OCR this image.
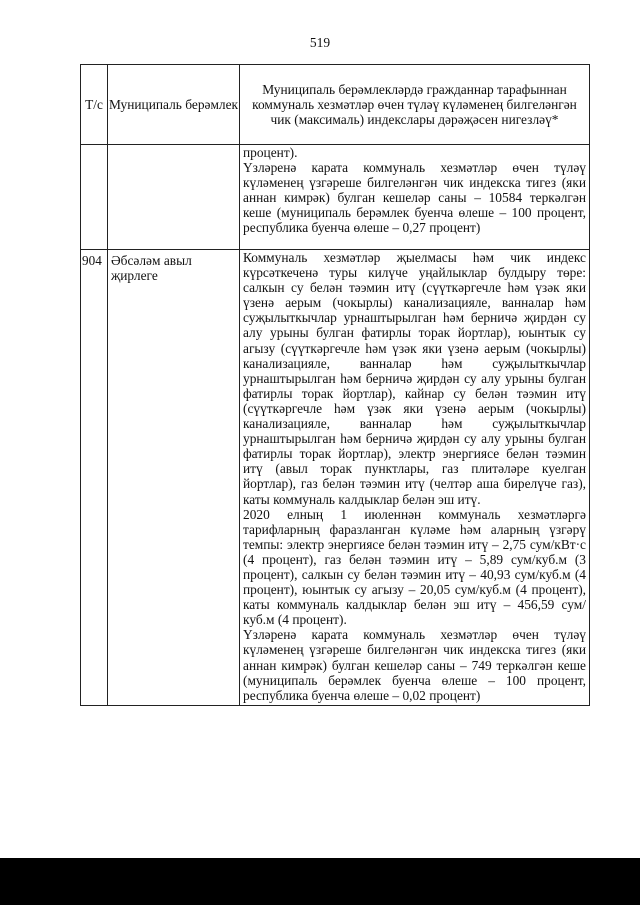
519
Т/с	Муниципаль берәмлек	Муниципаль берәмлекләрдә гражданнар тарафыннан коммуналь хезмәтләр өчен түләү күләменең билгеләнгән чик (максималь) индекслары дәрәҗәсен нигезләү*

		процент).

Үзләренә карата коммуналь хезмәтләр өчен түләү күләменең үзгәреше билгеләнгән чик индекска тигез (яки аннан кимрәк) булган кешеләр саны – 10584 теркәлгән кеше (муниципаль берәмлек буенча өлеше – 100 процент, республика буенча өлеше – 0,27 процент)

904	Әбсәләм авыл җирлеге	Коммуналь хезмәтләр җыелмасы һәм чик индекс күрсәткеченә туры килүче уңайлыклар булдыру төре: салкын су белән тәэмин итү (сүүткәргечле һәм үзәк яки үзенә аерым (чокырлы) канализацияле, ванналар һәм суҗылыткычлар урнаштырылган һәм берничә җирдән су алу урыны булган фатирлы торак йортлар), юынтык су агызу (сүүткәргечле һәм үзәк яки үзенә аерым (чокырлы) канализацияле, ванналар һәм суҗылыткычлар урнаштырылган һәм берничә җирдән су алу урыны булган фатирлы торак йортлар), кайнар су белән тәэмин итү (сүүткәргечле һәм үзәк яки үзенә аерым (чокырлы) канализацияле, ванналар һәм суҗылыткычлар урнаштырылган һәм берничә җирдән су алу урыны булган фатирлы торак йортлар), электр энергиясе белән тәэмин итү (авыл торак пунктлары, газ плитәләре куелган йортлар), газ белән тәэмин итү (челтәр аша бирелүче газ), каты коммуналь калдыклар белән эш итү.

2020 елның 1 июленнән коммуналь хезмәтләргә тарифларның фаразланган күләме һәм аларның үзгәрү темпы: электр энергиясе белән тәэмин итү – 2,75 сум/кВт·с (4 процент), газ белән тәэмин итү – 5,89 сум/куб.м (3 процент), салкын су белән тәэмин итү – 40,93 сум/куб.м (4 процент), юынтык су агызу – 20,05 сум/куб.м (4 процент), каты коммуналь калдыклар белән эш итү – 456,59 сум/куб.м (4 процент).

Үзләренә карата коммуналь хезмәтләр өчен түләү күләменең үзгәреше билгеләнгән чик индекска тигез (яки аннан кимрәк) булган кешеләр саны – 749 теркәлгән кеше (муниципаль берәмлек буенча өлеше – 100 процент, республика буенча өлеше – 0,02 процент)
